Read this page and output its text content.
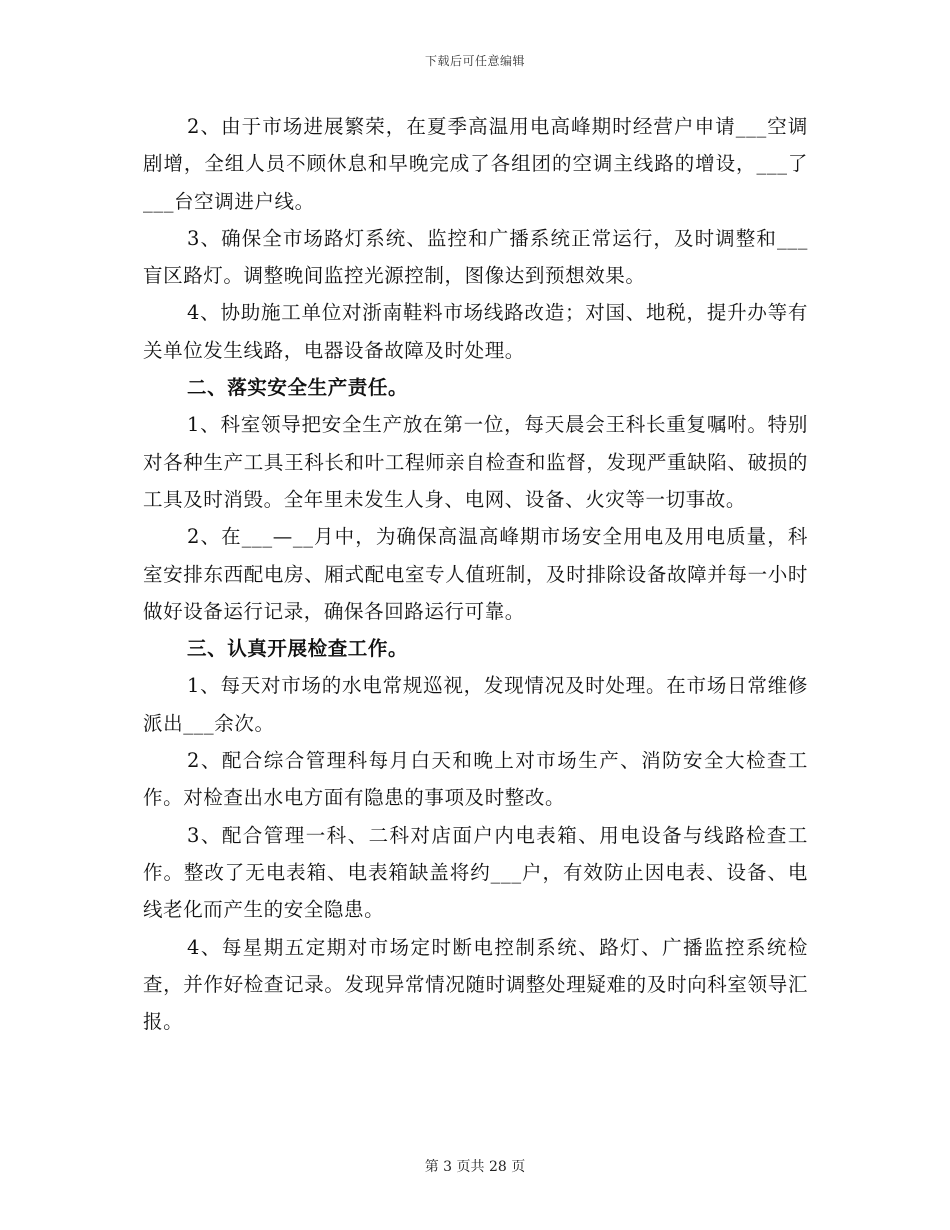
下载后可任意编辑

2、由于市场进展繁荣，在夏季高温用电高峰期时经营户申请___空调剧增，全组人员不顾休息和早晚完成了各组团的空调主线路的增设，___了___台空调进户线。

3、确保全市场路灯系统、监控和广播系统正常运行，及时调整和___盲区路灯。调整晚间监控光源控制，图像达到预想效果。

4、协助施工单位对浙南鞋料市场线路改造；对国、地税，提升办等有关单位发生线路，电器设备故障及时处理。

二、落实安全生产责任。

1、科室领导把安全生产放在第一位，每天晨会王科长重复嘱咐。特别对各种生产工具王科长和叶工程师亲自检查和监督，发现严重缺陷、破损的工具及时消毁。全年里未发生人身、电网、设备、火灾等一切事故。

2、在___—__月中，为确保高温高峰期市场安全用电及用电质量，科室安排东西配电房、厢式配电室专人值班制，及时排除设备故障并每一小时做好设备运行记录，确保各回路运行可靠。

三、认真开展检查工作。

1、每天对市场的水电常规巡视，发现情况及时处理。在市场日常维修派出___余次。

2、配合综合管理科每月白天和晚上对市场生产、消防安全大检查工作。对检查出水电方面有隐患的事项及时整改。

3、配合管理一科、二科对店面户内电表箱、用电设备与线路检查工作。整改了无电表箱、电表箱缺盖将约___户，有效防止因电表、设备、电线老化而产生的安全隐患。

4、每星期五定期对市场定时断电控制系统、路灯、广播监控系统检查，并作好检查记录。发现异常情况随时调整处理疑难的及时向科室领导汇报。

第 3 页共 28 页
